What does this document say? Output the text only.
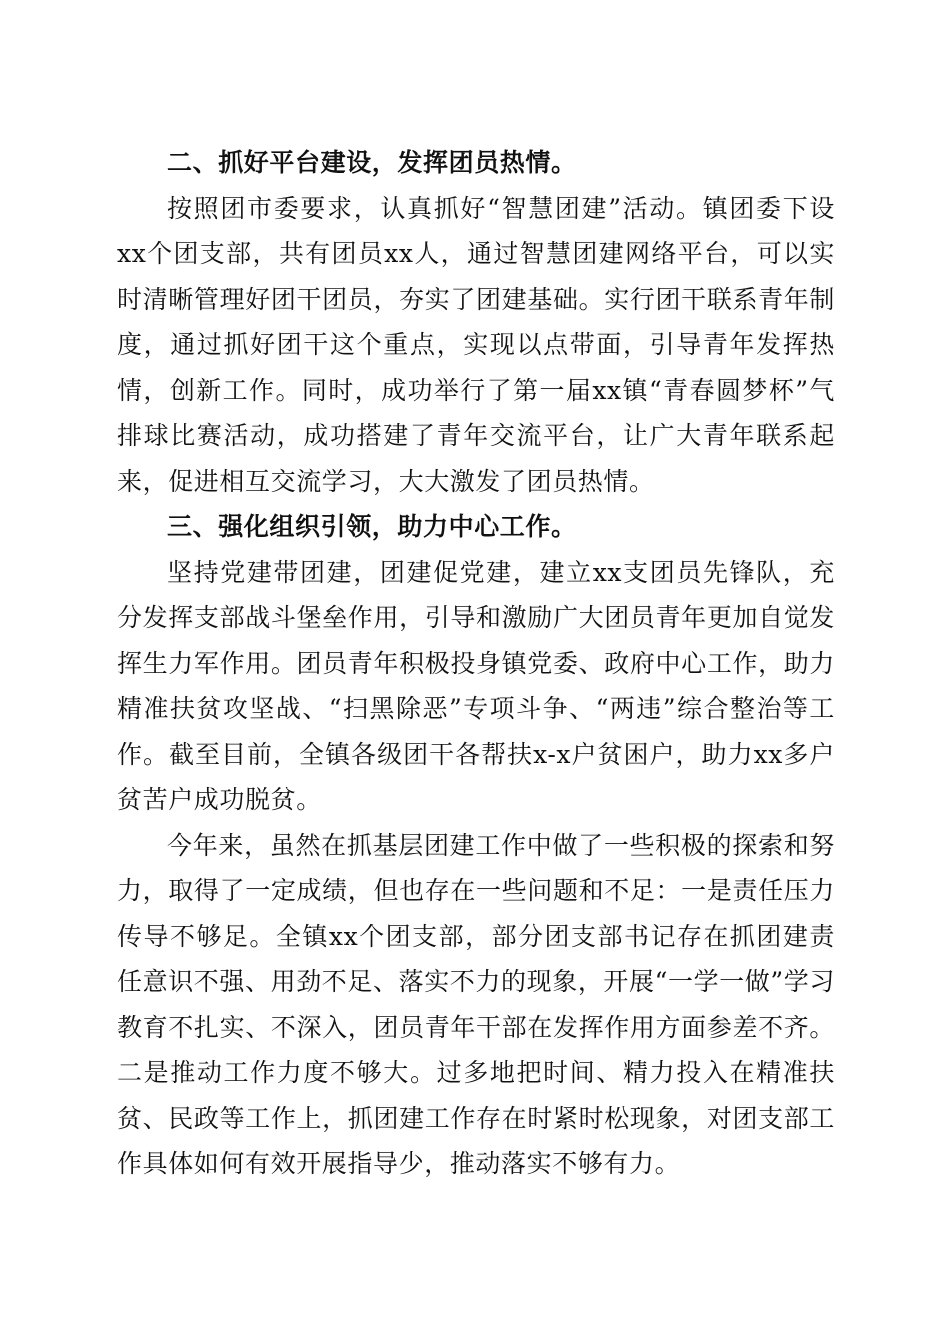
二、抓好平台建设，发挥团员热情。

按照团市委要求，认真抓好“智慧团建”活动。镇团委下设xx个团支部，共有团员xx人，通过智慧团建网络平台，可以实时清晰管理好团干团员，夯实了团建基础。实行团干联系青年制度，通过抓好团干这个重点，实现以点带面，引导青年发挥热情，创新工作。同时，成功举行了第一届xx镇“青春圆梦杯”气排球比赛活动，成功搭建了青年交流平台，让广大青年联系起来，促进相互交流学习，大大激发了团员热情。

三、强化组织引领，助力中心工作。

坚持党建带团建，团建促党建，建立xx支团员先锋队，充分发挥支部战斗堡垒作用，引导和激励广大团员青年更加自觉发挥生力军作用。团员青年积极投身镇党委、政府中心工作，助力精准扶贫攻坚战、“扫黑除恶”专项斗争、“两违”综合整治等工作。截至目前，全镇各级团干各帮扶x-x户贫困户，助力xx多户贫苦户成功脱贫。

今年来，虽然在抓基层团建工作中做了一些积极的探索和努力，取得了一定成绩，但也存在一些问题和不足：一是责任压力传导不够足。全镇xx个团支部，部分团支部书记存在抓团建责任意识不强、用劲不足、落实不力的现象，开展“一学一做”学习教育不扎实、不深入，团员青年干部在发挥作用方面参差不齐。二是推动工作力度不够大。过多地把时间、精力投入在精准扶贫、民政等工作上，抓团建工作存在时紧时松现象，对团支部工作具体如何有效开展指导少，推动落实不够有力。
